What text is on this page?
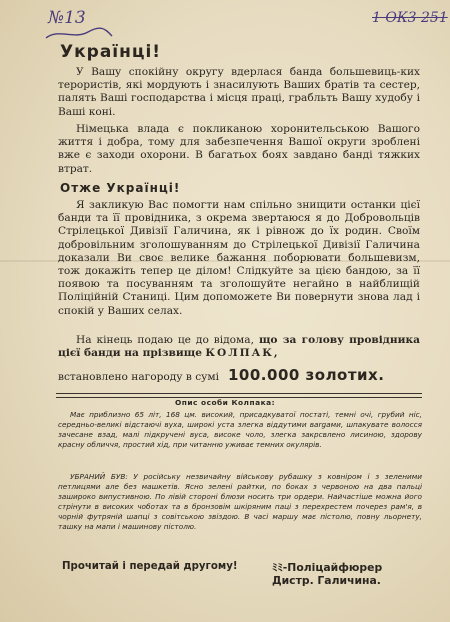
№13	1 ОК3 251
Українці!

У Вашу спокійну округу вдерлася банда большевиць-ких терористів, які мордують і знасилують Ваших братів та сестер, палять Ваші господарства і місця праці, грабльть Вашу худобу і Ваші коні.

Німецька влада є покликаною хоронительською Вашого життя і добра, тому для забезпечення Вашої округи зроблені вже є заходи охорони. В багатьох боях завдано банді тяжких втрат.

Отже Українці!

Я закликую Вас помогти нам спільно знищити останки цієї банди та її провідника, з окрема звертаюся я до Добровольців Стрілецької Дивізії Галичина, як і рівнож до їх родин. Своїм добровільним зголошуванням до Стрілецької Дивізії Галичина доказали Ви своє велике бажання поборювати большевизм, тож докажіть тепер це ділом! Слідкуйте за цією бандою, за її появою та посуванням та зголошуйте негайно в найблищій Поліційній Станиці. Цим допоможете Ви повернути знова лад і спокій у Ваших селах.

На кінець подаю це до відома, що за голову провідника цієї банди на прізвище КОЛПАК,

встановлено нагороду в сумі 100.000 золотих.
Опис особи Колпака:

Має приблизно 65 літ, 168 цм. високий, присадкуватої постаті, темні очі, грубий ніс, середньо-великі відстаючі вуха, широкі уста злегка віддутими вargами, шпакувате волосся зачесане взад, малі підкручені вуса, високе чоло, злегка закрсвлено лисиною, здорову красну обличчя, простий хід, при читанню уживає темних окулярів.

УБРАНИЙ БУВ: У російську незвичайну військову рубашку з ковніром і з зеленими петлицями але без машкетів. Ясно зелені райтки, по боках з червоною на два пальці зашироко випустивною. По лівій стороні блюзи носить три ордери. Найчастіше можна його стрінути в високих чоботах та в бронзовім шкіряним паці з перехрестем почерез рам'я, в чорній футряній шапці з совітською звіздою. В часі маршу має пістолю, повну льорнету, ташку на мапи і машинову пістолю.

Прочитай і передай другому!	ﾐﾐ-Поліцайфюрер
Дистр. Галичина.
